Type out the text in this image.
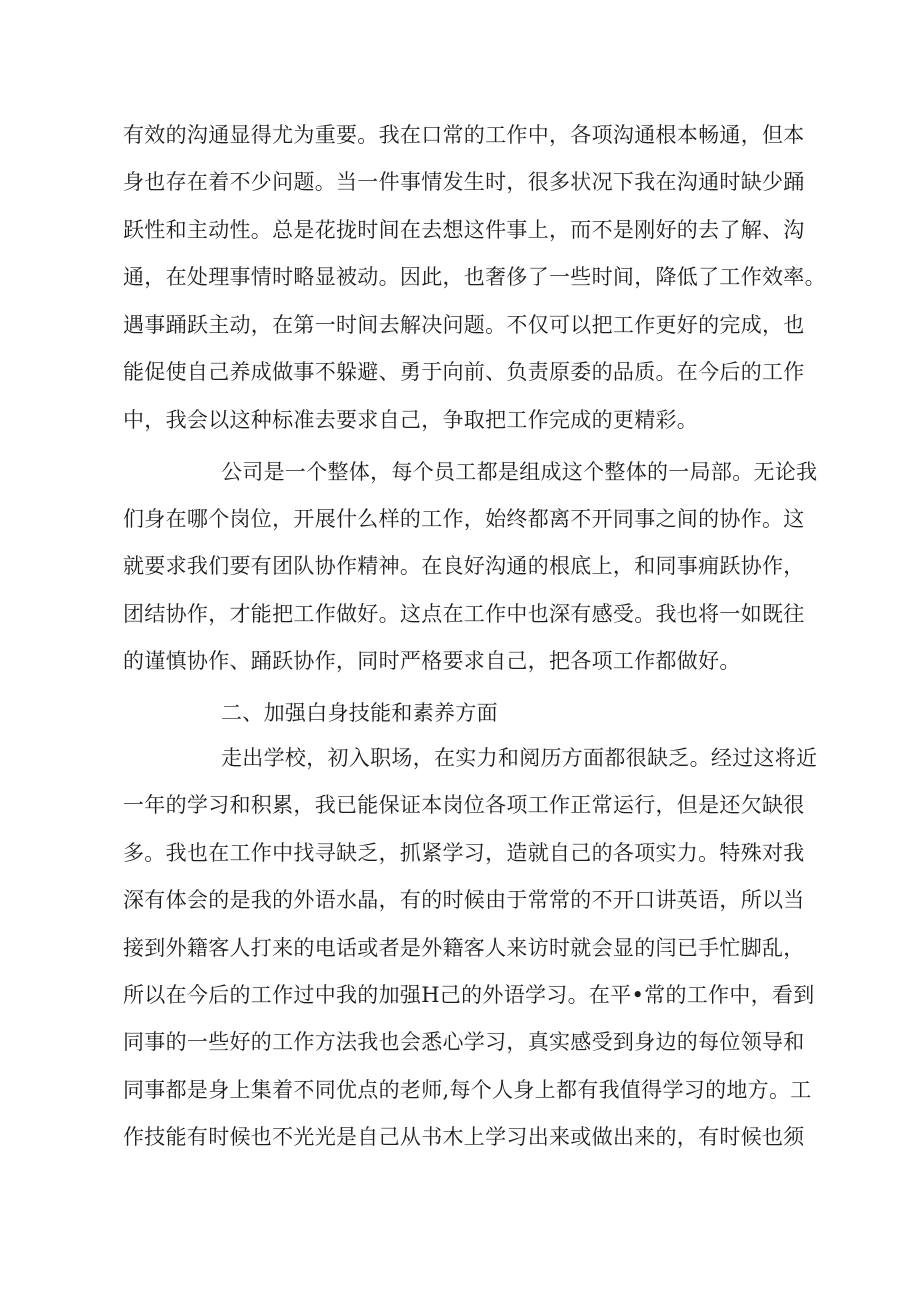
有效的沟通显得尤为重要。我在口常的工作中，各项沟通根本畅通，但本
身也存在着不少问题。当一件事情发生时，很多状况下我在沟通时缺少踊
跃性和主动性。总是花拢时间在去想这件事上，而不是刚好的去了解、沟
通，在处理事情时略显被动。因此，也奢侈了一些时间，降低了工作效率。
遇事踊跃主动，在第一时间去解决问题。不仅可以把工作更好的完成，也
能促使自己养成做事不躲避、勇于向前、负责原委的品质。在今后的工作
中，我会以这种标准去要求自己，争取把工作完成的更精彩。
公司是一个整体，每个员工都是组成这个整体的一局部。无论我
们身在哪个岗位，开展什么样的工作，始终都离不开同事之间的协作。这
就要求我们要有团队协作精神。在良好沟通的根底上，和同事痈跃协作，
团结协作，才能把工作做好。这点在工作中也深有感受。我也将一如既往
的谨慎协作、踊跃协作，同时严格要求自己，把各项工作都做好。
二、加强白身技能和素养方面
走出学校，初入职场，在实力和阅历方面都很缺乏。经过这将近
一年的学习和积累，我已能保证本岗位各项工作正常运行，但是还欠缺很
多。我也在工作中找寻缺乏，抓紧学习，造就自己的各项实力。特殊对我
深有体会的是我的外语水晶，有的时候由于常常的不开口讲英语，所以当
接到外籍客人打来的电话或者是外籍客人来访时就会显的闫已手忙脚乱，
所以在今后的工作过中我的加强H己的外语学习。在平•常的工作中，看到
同事的一些好的工作方法我也会悉心学习，真实感受到身边的每位领导和
同事都是身上集着不同优点的老师,每个人身上都有我值得学习的地方。工
作技能有时候也不光光是自己从书木上学习出来或做出来的，有时候也须
